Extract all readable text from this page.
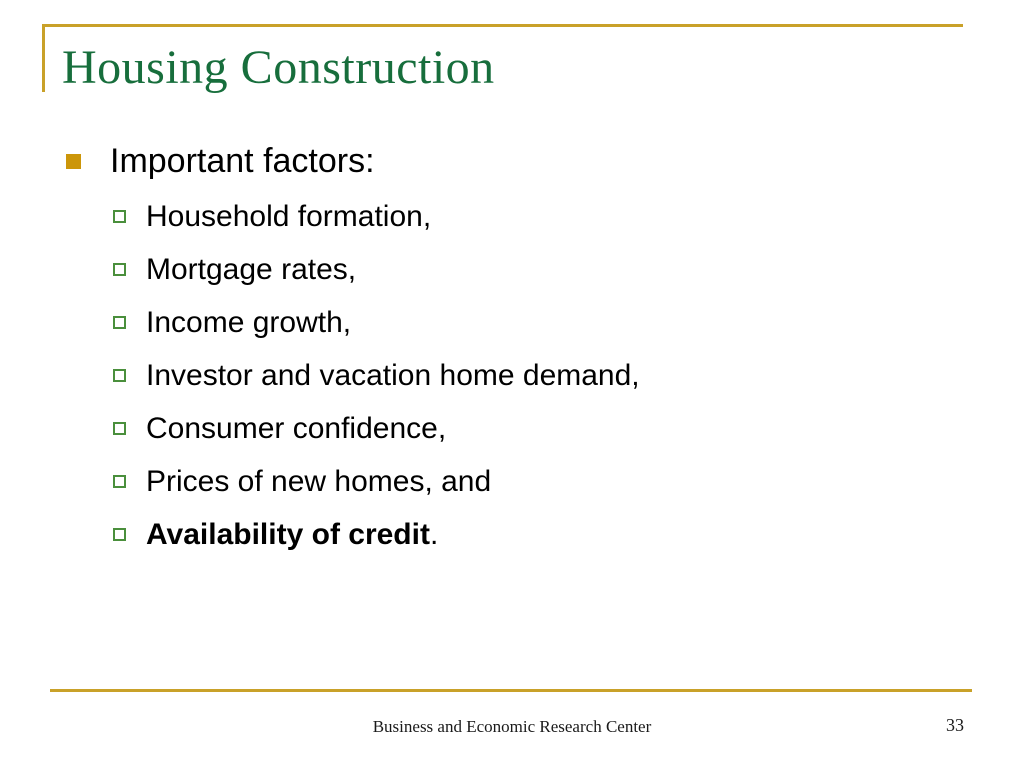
Housing Construction
Important factors:
Household formation,
Mortgage rates,
Income growth,
Investor and vacation home demand,
Consumer confidence,
Prices of new homes, and
Availability of credit.
Business and Economic Research Center	33
